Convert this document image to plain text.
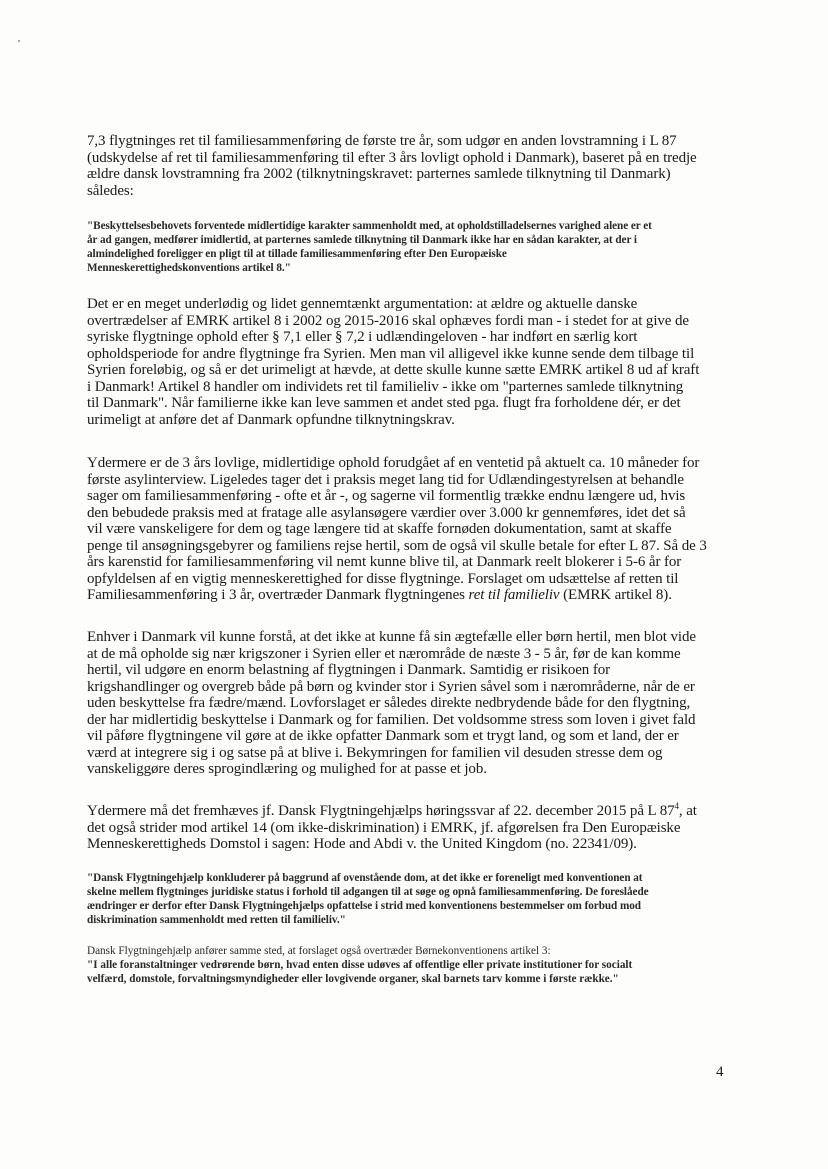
7,3 flygtninges ret til familiesammenføring de første tre år, som udgør en anden lovstramning i L 87
(udskydelse af ret til familiesammenføring til efter 3 års lovligt ophold i Danmark), baseret på en tredje
ældre dansk lovstramning fra 2002 (tilknytningskravet: parternes samlede tilknytning til Danmark)
således:

"Beskyttelsesbehovets forventede midlertidige karakter sammenholdt med, at opholdstilladelsernes varighed alene er et
år ad gangen, medfører imidlertid, at parternes samlede tilknytning til Danmark ikke har en sådan karakter, at der i
almindelighed foreligger en pligt til at tillade familiesammenføring efter Den Europæiske
Menneskerettighedskonventions artikel 8."

Det er en meget underlødig og lidet gennemtænkt argumentation: at ældre og aktuelle danske
overtrædelser af EMRK artikel 8 i 2002 og 2015-2016 skal ophæves fordi man - i stedet for at give de
syriske flygtninge ophold efter § 7,1 eller § 7,2 i udlændingeloven - har indført en særlig kort
opholdsperiode for andre flygtninge fra Syrien. Men man vil alligevel ikke kunne sende dem tilbage til
Syrien foreløbig, og så er det urimeligt at hævde, at dette skulle kunne sætte EMRK artikel 8 ud af kraft
i Danmark! Artikel 8 handler om individets ret til familieliv - ikke om "parternes samlede tilknytning
til Danmark". Når familierne ikke kan leve sammen et andet sted pga. flugt fra forholdene dér, er det
urimeligt at anføre det af Danmark opfundne tilknytningskrav.

Ydermere er de 3 års lovlige, midlertidige ophold forudgået af en ventetid på aktuelt ca. 10 måneder for
første asylinterview. Ligeledes tager det i praksis meget lang tid for Udlændingestyrelsen at behandle
sager om familiesammenføring - ofte et år -, og sagerne vil formentlig trække endnu længere ud, hvis
den bebudede praksis med at fratage alle asylansøgere værdier over 3.000 kr gennemføres, idet det så
vil være vanskeligere for dem og tage længere tid at skaffe fornøden dokumentation, samt at skaffe
penge til ansøgningsgebyrer og familiens rejse hertil, som de også vil skulle betale for efter L 87. Så de 3
års karenstid for familiesammenføring vil nemt kunne blive til, at Danmark reelt blokerer i 5-6 år for
opfyldelsen af en vigtig menneskerettighed for disse flygtninge. Forslaget om udsættelse af retten til
Familiesammenføring i 3 år, overtræder Danmark flygtningenes ret til familieliv (EMRK artikel 8).

Enhver i Danmark vil kunne forstå, at det ikke at kunne få sin ægtefælle eller børn hertil, men blot vide
at de må opholde sig nær krigszoner i Syrien eller et nærområde de næste 3 - 5 år, før de kan komme
hertil, vil udgøre en enorm belastning af flygtningen i Danmark. Samtidig er risikoen for
krigshandlinger og overgreb både på børn og kvinder stor i Syrien såvel som i nærområderne, når de er
uden beskyttelse fra fædre/mænd. Lovforslaget er således direkte nedbrydende både for den flygtning,
der har midlertidig beskyttelse i Danmark og for familien. Det voldsomme stress som loven i givet fald
vil påføre flygtningene vil gøre at de ikke opfatter Danmark som et trygt land, og som et land, der er
værd at integrere sig i og satse på at blive i. Bekymringen for familien vil desuden stresse dem og
vanskeliggøre deres sprogindlæring og mulighed for at passe et job.

Ydermere må det fremhæves jf. Dansk Flygtningehjælps høringssvar af 22. december 2015 på L $87^4$, at
det også strider mod artikel 14 (om ikke-diskrimination) i EMRK, jf. afgørelsen fra Den Europæiske
Menneskerettigheds Domstol i sagen: Hode and Abdi v. the United Kingdom (no. 22341/09).

"Dansk Flygtningehjælp konkluderer på baggrund af ovenstående dom, at det ikke er foreneligt med konventionen at
skelne mellem flygtninges juridiske status i forhold til adgangen til at søge og opnå familiesammenføring. De foreslåede
ændringer er derfor efter Dansk Flygtningehjælps opfattelse i strid med konventionens bestemmelser om forbud mod
diskrimination sammenholdt med retten til familieliv."

Dansk Flygtningehjælp anfører samme sted, at forslaget også overtræder Børnekonventionens artikel 3:
"I alle foranstaltninger vedrørende børn, hvad enten disse udøves af offentlige eller private institutioner for socialt
velfærd, domstole, forvaltningsmyndigheder eller lovgivende organer, skal barnets tarv komme i første række."

4
